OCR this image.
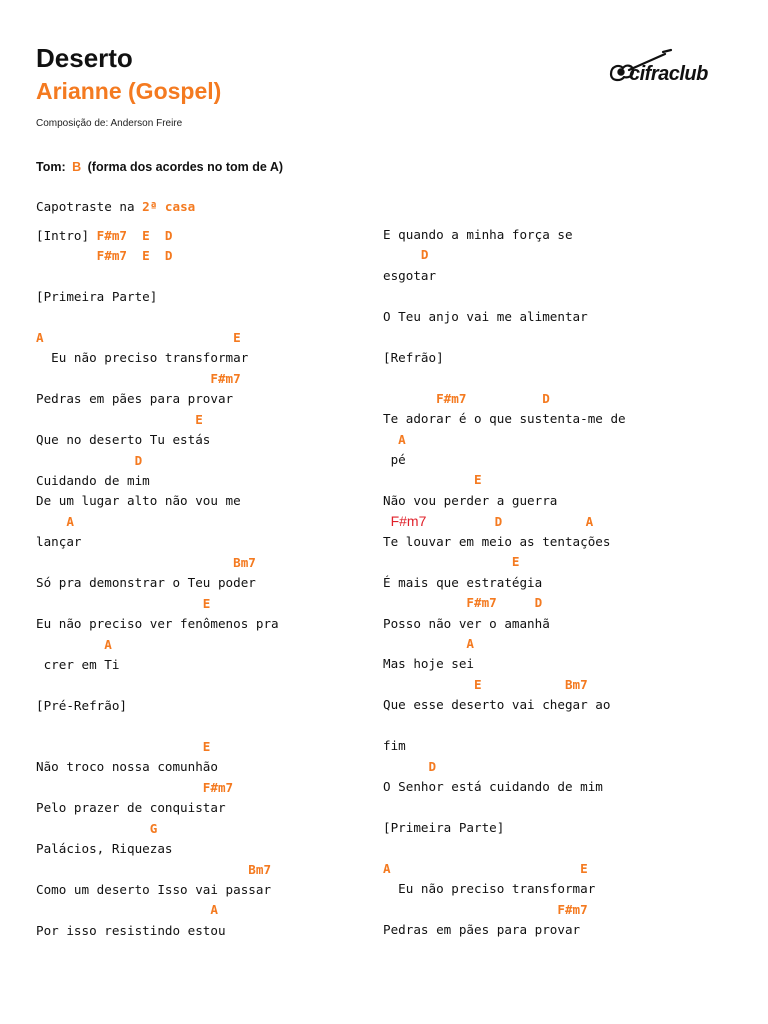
Deserto
Arianne (Gospel)
Composição de: Anderson Freire
Tom: B (forma dos acordes no tom de A)
cifraclub
Capotraste na 2ª casa
[Intro] F#m7  E  D
F#m7  E  D
[Primeira Parte]
A                         E
Eu não preciso transformar
F#m7
Pedras em pães para provar
E
Que no deserto Tu estás
D
Cuidando de mim
De um lugar alto não vou me
A
lançar
Bm7
Só pra demonstrar o Teu poder
E
Eu não preciso ver fenômenos pra
A
crer em Ti
[Pré-Refrão]
E
Não troco nossa comunhão
F#m7
Pelo prazer de conquistar
G
Palácios, Riquezas
Bm7
Como um deserto Isso vai passar
A
Por isso resistindo estou
E quando a minha força se
D
esgotar
O Teu anjo vai me alimentar
[Refrão]
F#m7          D
Te adorar é o que sustenta-me de
A
pé
E
Não vou perder a guerra
F#m7	D	A
Te louvar em meio as tentações
E
É mais que estratégia
F#m7     D
Posso não ver o amanhã
A
Mas hoje sei
E           Bm7
Que esse deserto vai chegar ao
fim
D
O Senhor está cuidando de mim
[Primeira Parte]
A                         E
Eu não preciso transformar
F#m7
Pedras em pães para provar
